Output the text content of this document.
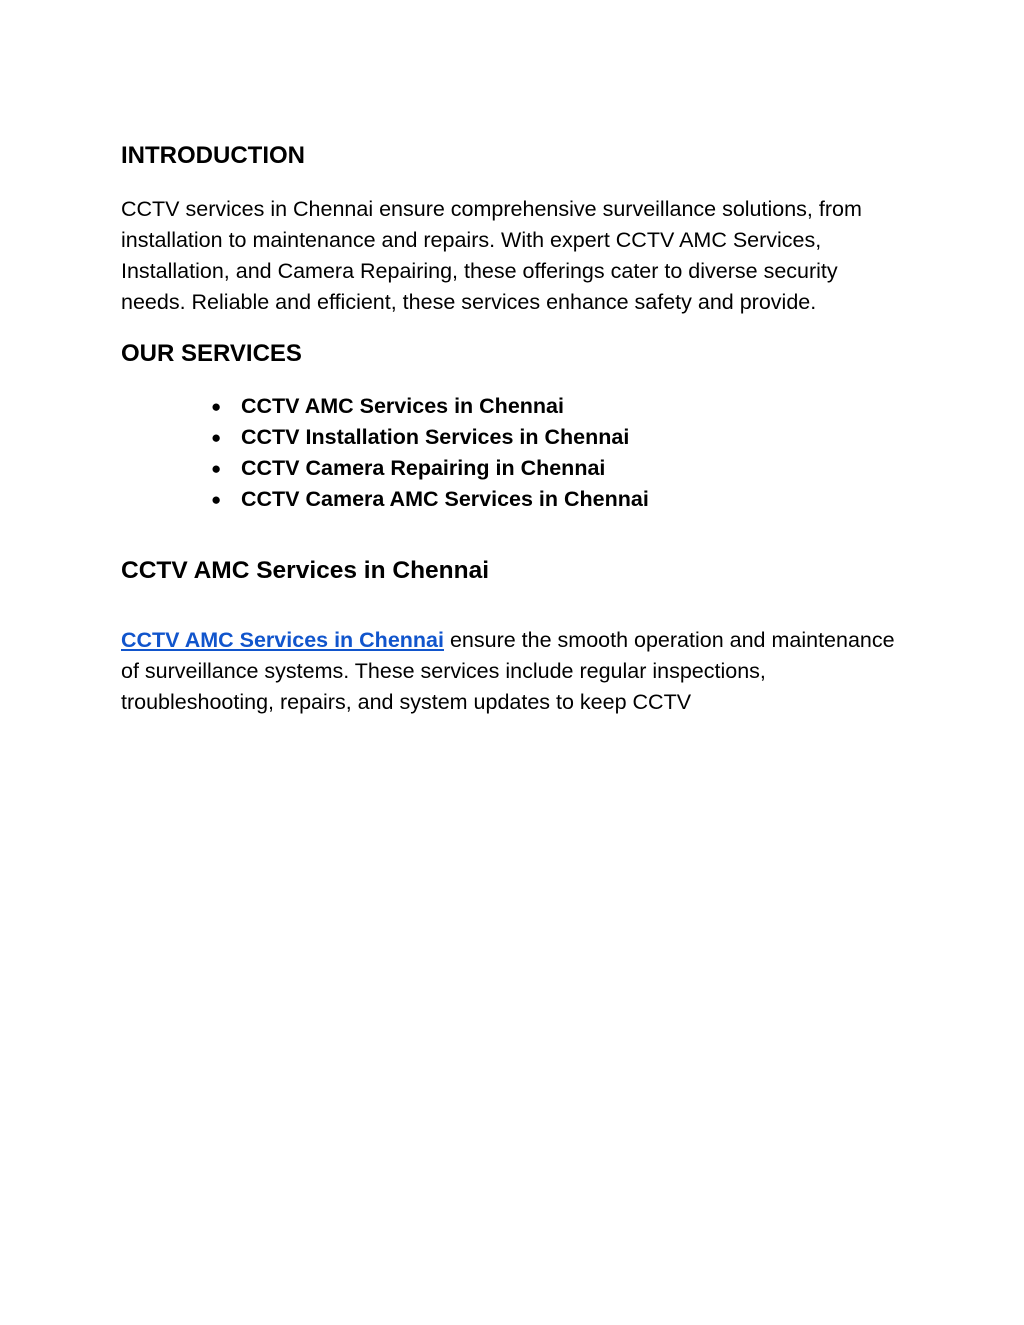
INTRODUCTION

CCTV services in Chennai ensure comprehensive surveillance solutions, from installation to maintenance and repairs. With expert CCTV AMC Services, Installation, and Camera Repairing, these offerings cater to diverse security needs. Reliable and efficient, these services enhance safety and provide.

OUR SERVICES
● CCTV AMC Services in Chennai
● CCTV Installation Services in Chennai
● CCTV Camera Repairing in Chennai
● CCTV Camera AMC Services in Chennai
CCTV AMC Services in Chennai

CCTV AMC Services in Chennai ensure the smooth operation and maintenance of surveillance systems. These services include regular inspections, troubleshooting, repairs, and system updates to keep CCTV
